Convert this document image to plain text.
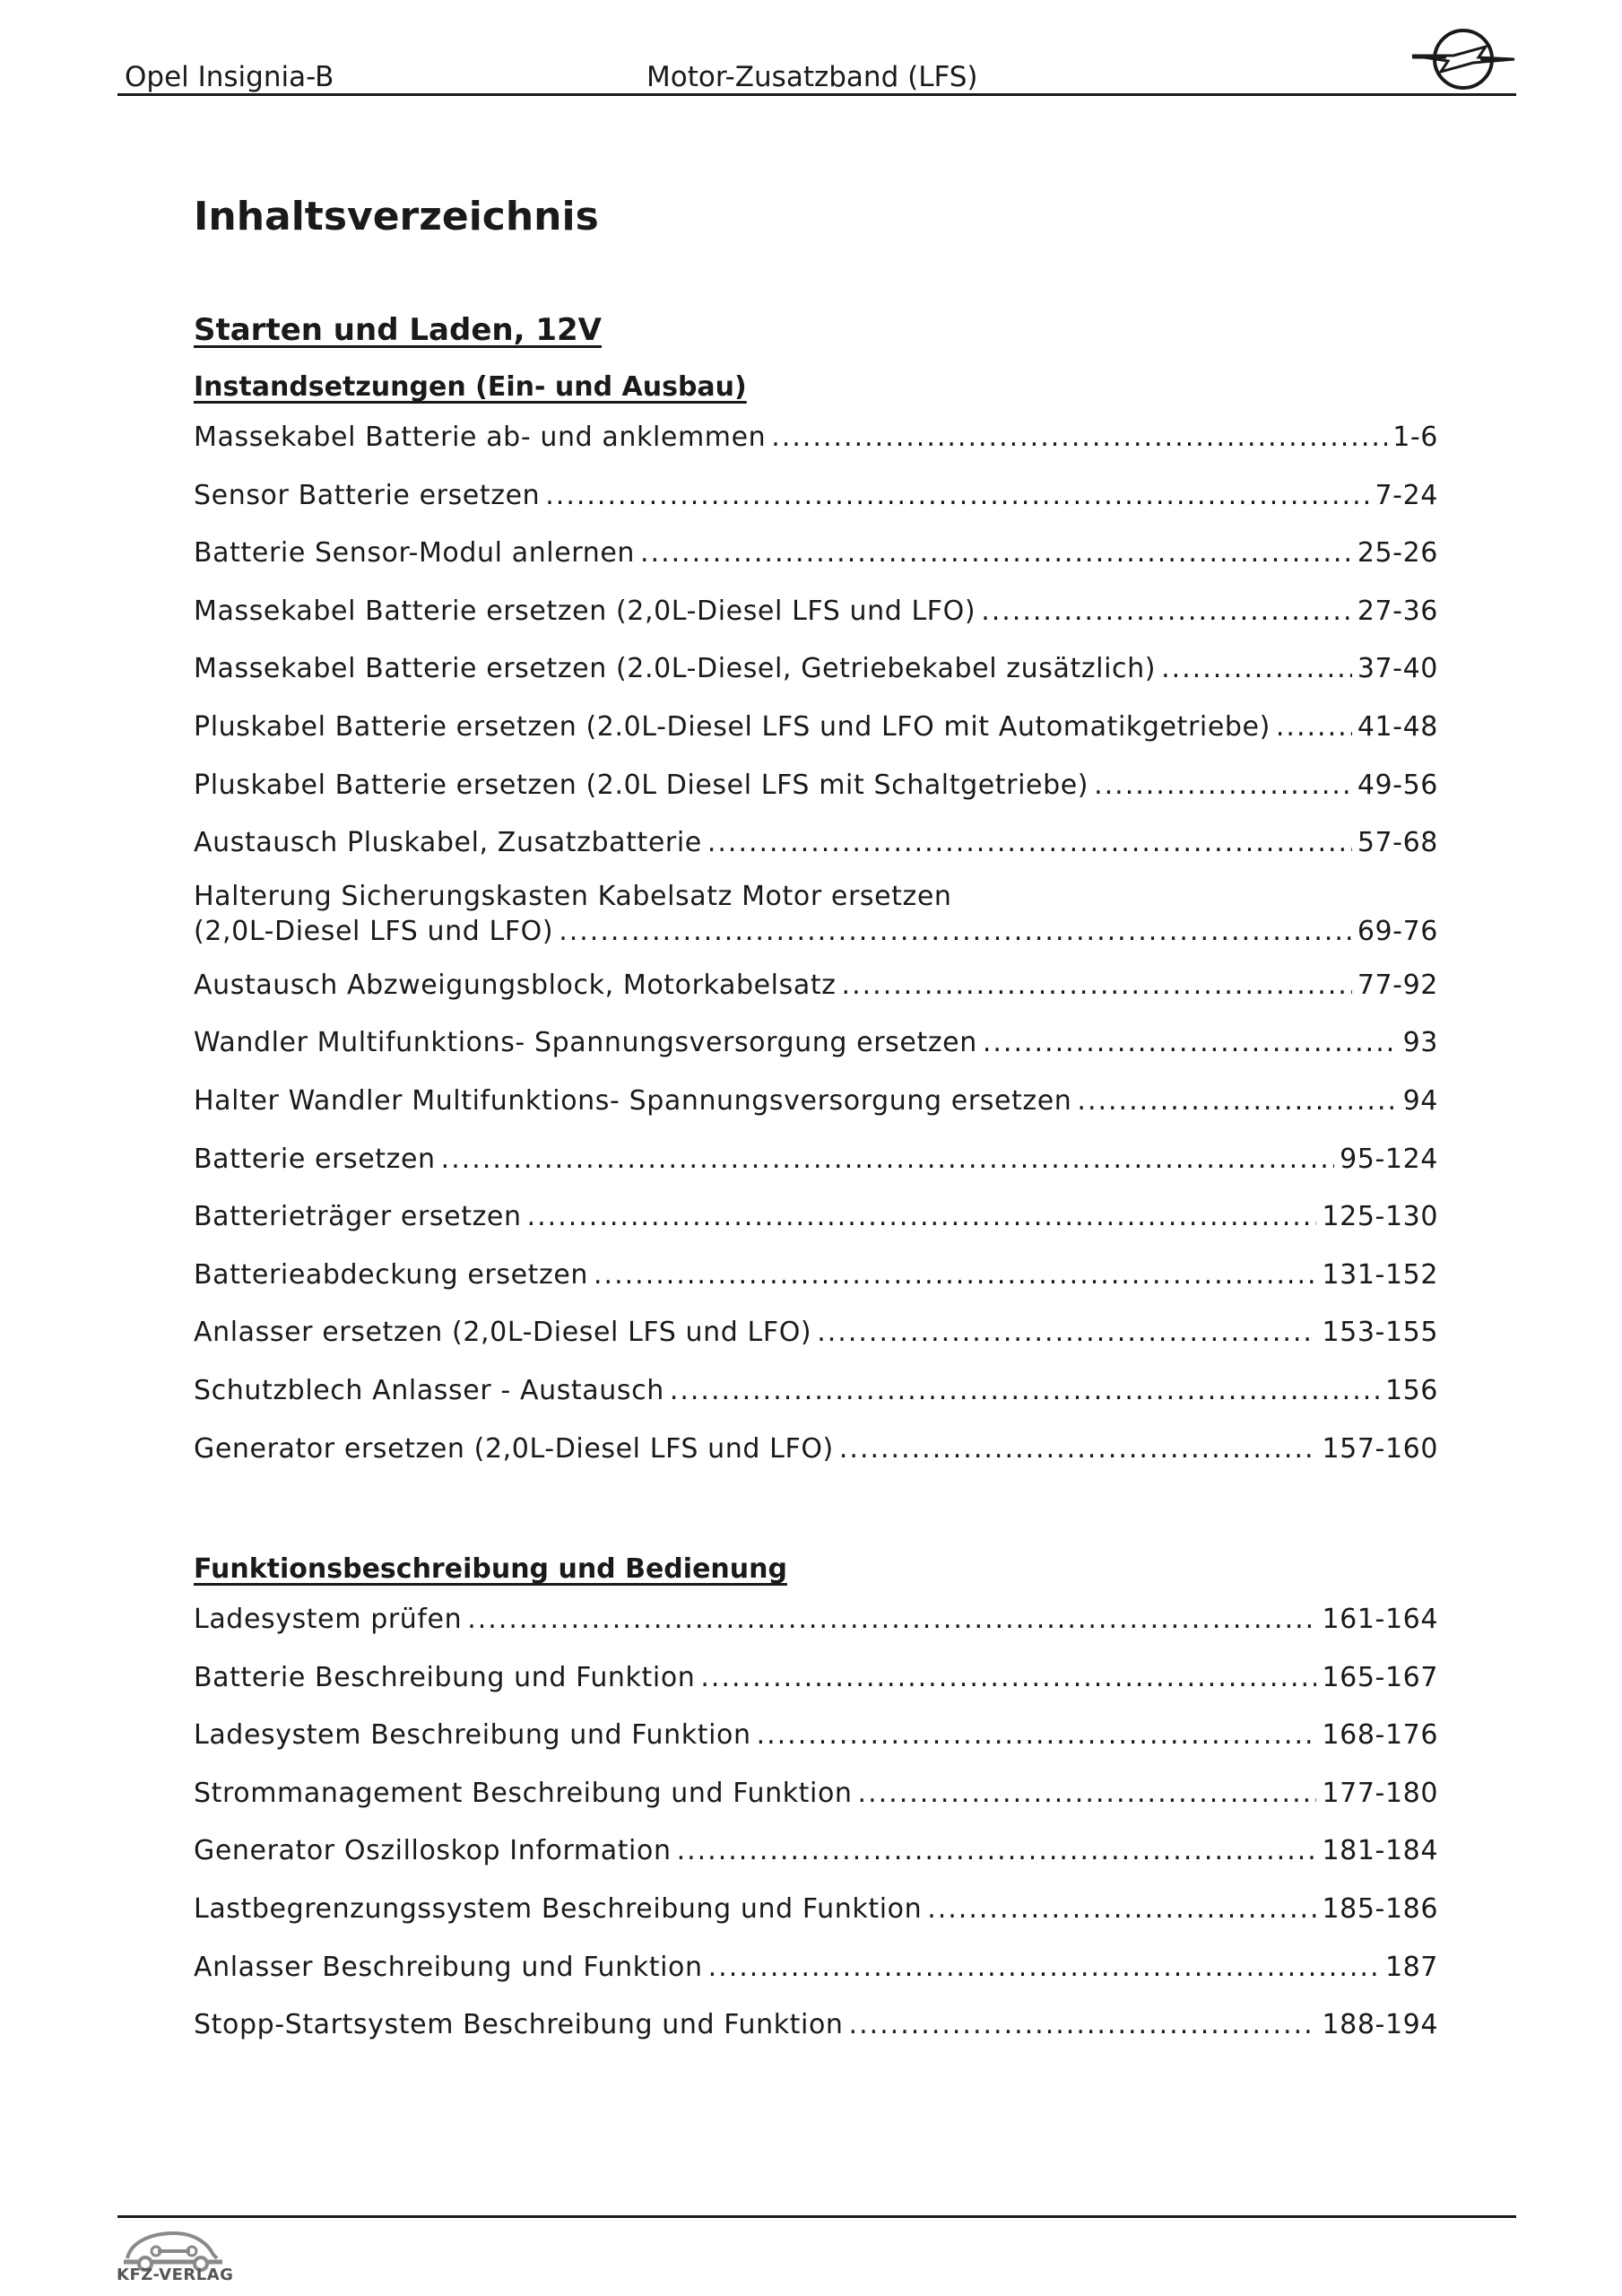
Opel Insignia-B	Motor-Zusatzband (LFS)
Inhaltsverzeichnis
Starten und Laden, 12V
Instandsetzungen (Ein- und Ausbau)
Massekabel Batterie ab- und anklemmen .....	1-6
Sensor Batterie ersetzen .....	7-24
Batterie Sensor-Modul anlernen .....	25-26
Massekabel Batterie ersetzen (2,0L-Diesel LFS und LFO) .....	27-36
Massekabel Batterie ersetzen (2.0L-Diesel, Getriebekabel zusätzlich) .....	37-40
Pluskabel Batterie ersetzen (2.0L-Diesel LFS und LFO mit Automatikgetriebe) .....	41-48
Pluskabel Batterie ersetzen (2.0L Diesel LFS mit Schaltgetriebe) .....	49-56
Austausch Pluskabel, Zusatzbatterie .....	57-68
Halterung Sicherungskasten Kabelsatz Motor ersetzen
(2,0L-Diesel LFS und LFO) .....	69-76
Austausch Abzweigungsblock, Motorkabelsatz .....	77-92
Wandler Multifunktions- Spannungsversorgung ersetzen .....	93
Halter Wandler Multifunktions- Spannungsversorgung ersetzen .....	94
Batterie ersetzen .....	95-124
Batterieträger ersetzen .....	125-130
Batterieabdeckung ersetzen .....	131-152
Anlasser ersetzen (2,0L-Diesel LFS und LFO) .....	153-155
Schutzblech Anlasser - Austausch .....	156
Generator ersetzen (2,0L-Diesel LFS und LFO) .....	157-160
Funktionsbeschreibung und Bedienung
Ladesystem prüfen .....	161-164
Batterie Beschreibung und Funktion .....	165-167
Ladesystem Beschreibung und Funktion .....	168-176
Strommanagement Beschreibung und Funktion .....	177-180
Generator Oszilloskop Information .....	181-184
Lastbegrenzungssystem Beschreibung und Funktion .....	185-186
Anlasser Beschreibung und Funktion .....	187
Stopp-Startsystem Beschreibung und Funktion .....	188-194
KFZ-VERLAG
